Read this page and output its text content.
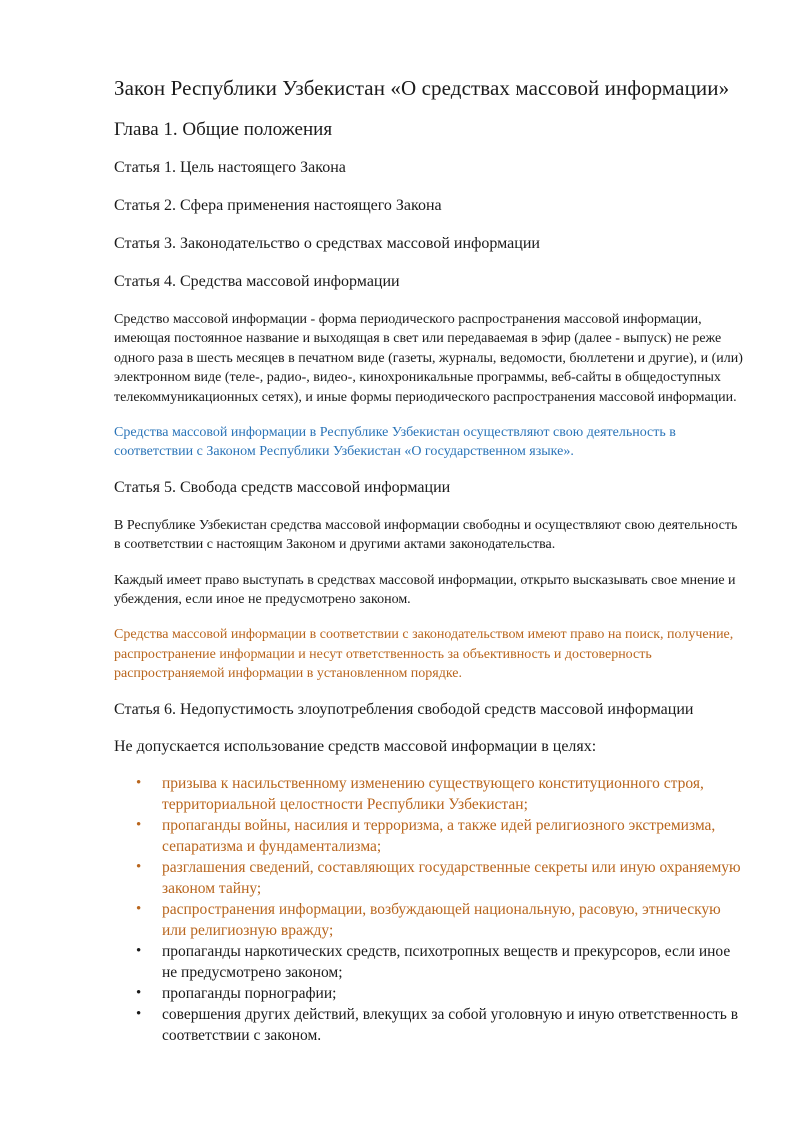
Закон Республики Узбекистан «О средствах массовой информации»
Глава 1. Общие положения

Статья 1. Цель настоящего Закона

Статья 2. Сфера применения настоящего Закона

Статья 3. Законодательство о средствах массовой информации

Статья 4. Средства массовой информации

Средство массовой информации - форма периодического распространения массовой информации, имеющая постоянное название и выходящая в свет или передаваемая в эфир (далее - выпуск) не реже одного раза в шесть месяцев в печатном виде (газеты, журналы, ведомости, бюллетени и другие), и (или) электронном виде (теле-, радио-, видео-, кинохроникальные программы, веб-сайты в общедоступных телекоммуникационных сетях), и иные формы периодического распространения массовой информации.

Средства массовой информации в Республике Узбекистан осуществляют свою деятельность в соответствии с Законом Республики Узбекистан «О государственном языке».

Статья 5. Свобода средств массовой информации

В Республике Узбекистан средства массовой информации свободны и осуществляют свою деятельность в соответствии с настоящим Законом и другими актами законодательства.

Каждый имеет право выступать в средствах массовой информации, открыто высказывать свое мнение и убеждения, если иное не предусмотрено законом.

Средства массовой информации в соответствии с законодательством имеют право на поиск, получение, распространение информации и несут ответственность за объективность и достоверность распространяемой информации в установленном порядке.

Статья 6. Недопустимость злоупотребления свободой средств массовой информации

Не допускается использование средств массовой информации в целях:

• призыва к насильственному изменению существующего конституционного строя, территориальной целостности Республики Узбекистан;
• пропаганды войны, насилия и терроризма, а также идей религиозного экстремизма, сепаратизма и фундаментализма;
• разглашения сведений, составляющих государственные секреты или иную охраняемую законом тайну;
• распространения информации, возбуждающей национальную, расовую, этническую или религиозную вражду;
• пропаганды наркотических средств, психотропных веществ и прекурсоров, если иное не предусмотрено законом;
• пропаганды порнографии;
• совершения других действий, влекущих за собой уголовную и иную ответственность в соответствии с законом.
